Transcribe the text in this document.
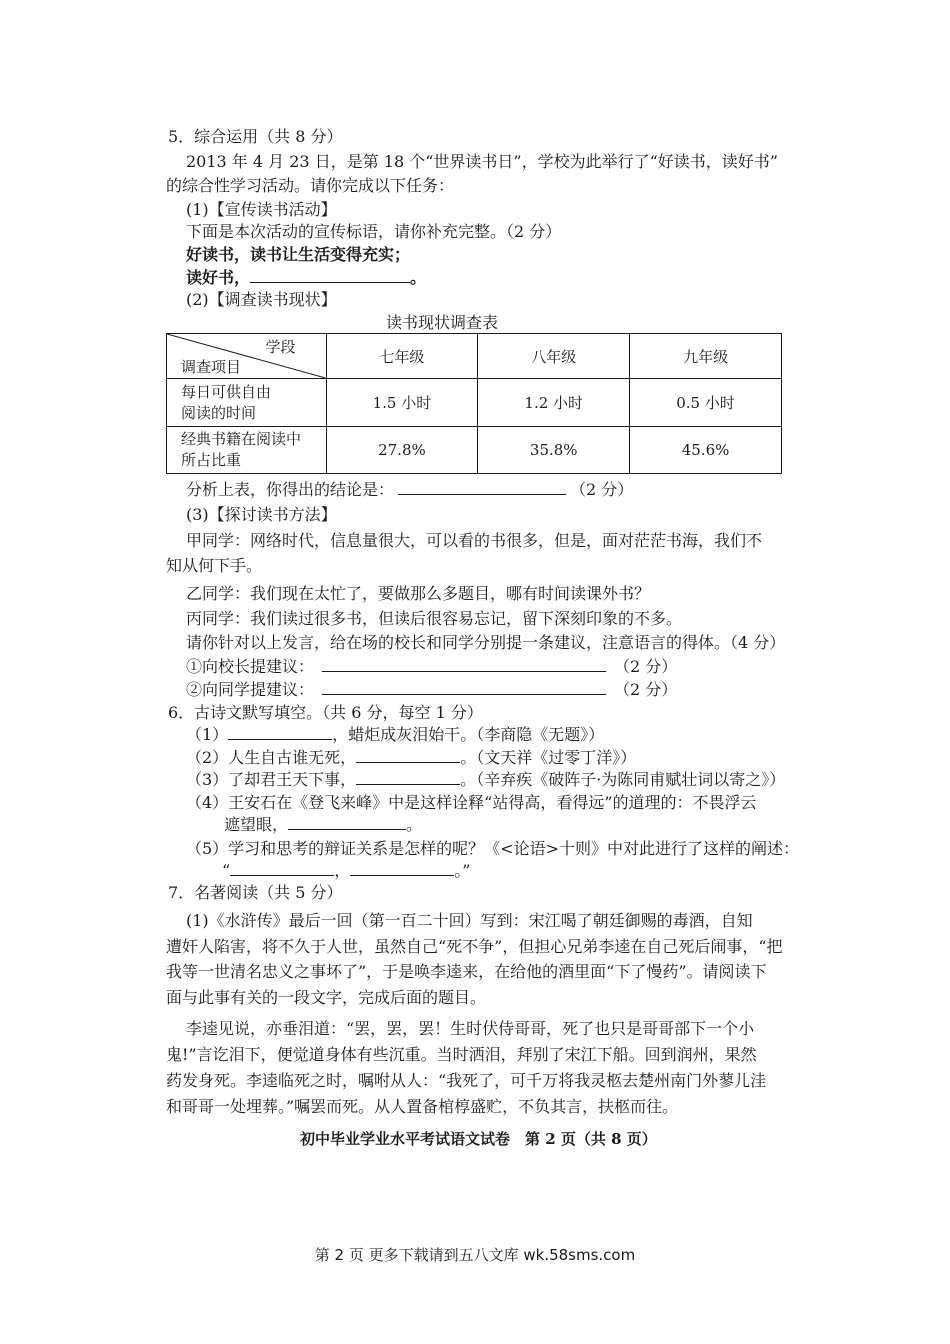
5．综合运用（共 8 分）
2013 年 4 月 23 日，是第 18 个“世界读书日”，学校为此举行了“好读书，读好书”
的综合性学习活动。请你完成以下任务：
(1)【宣传读书活动】
下面是本次活动的宣传标语，请你补充完整。（2 分）
好读书，读书让生活变得充实；
读好书，	。
(2)【调查读书现状】
读书现状调查表
学段
调查项目	七年级	八年级	九年级

每日可供自由
阅读的时间	1.5 小时	1.2 小时	0.5 小时

经典书籍在阅读中
所占比重	27.8%	35.8%	45.6%
分析上表，你得出的结论是：	（2 分）
(3)【探讨读书方法】
甲同学：网络时代，信息量很大，可以看的书很多，但是，面对茫茫书海，我们不
知从何下手。
乙同学：我们现在太忙了，要做那么多题目，哪有时间读课外书？
丙同学：我们读过很多书，但读后很容易忘记，留下深刻印象的不多。
请你针对以上发言，给在场的校长和同学分别提一条建议，注意语言的得体。（4 分）
①向校长提建议：	（2 分）
②向同学提建议：	（2 分）
6．古诗文默写填空。（共 6 分，每空 1 分）
（1）	，蜡炬成灰泪始干。（李商隐《无题》）
（2）人生自古谁无死，	。（文天祥《过零丁洋》）
（3）了却君王天下事，	。（辛弃疾《破阵子·为陈同甫赋壮词以寄之》）
（4）王安石在《登飞来峰》中是这样诠释“站得高，看得远”的道理的：不畏浮云
遮望眼，	。
（5）学习和思考的辩证关系是怎样的呢？《<论语>十则》中对此进行了这样的阐述：
“	，	。”
7．名著阅读（共 5 分）
(1)《水浒传》最后一回（第一百二十回）写到：宋江喝了朝廷御赐的毒酒，自知
遭奸人陷害，将不久于人世，虽然自己“死不争”，但担心兄弟李逵在自己死后闹事，“把
我等一世清名忠义之事坏了”，于是唤李逵来，在给他的酒里面“下了慢药”。请阅读下
面与此事有关的一段文字，完成后面的题目。
李逵见说，亦垂泪道：“罢，罢，罢！生时伏侍哥哥，死了也只是哥哥部下一个小
鬼!”言讫泪下，便觉道身体有些沉重。当时洒泪，拜别了宋江下船。回到润州，果然
药发身死。李逵临死之时，嘱咐从人：“我死了，可千万将我灵柩去楚州南门外蓼儿洼
和哥哥一处埋葬。”嘱罢而死。从人置备棺椁盛贮，不负其言，扶柩而往。
初中毕业学业水平考试语文试卷　第 2 页（共 8 页）
第 2 页 更多下载请到五八文库 wk.58sms.com
